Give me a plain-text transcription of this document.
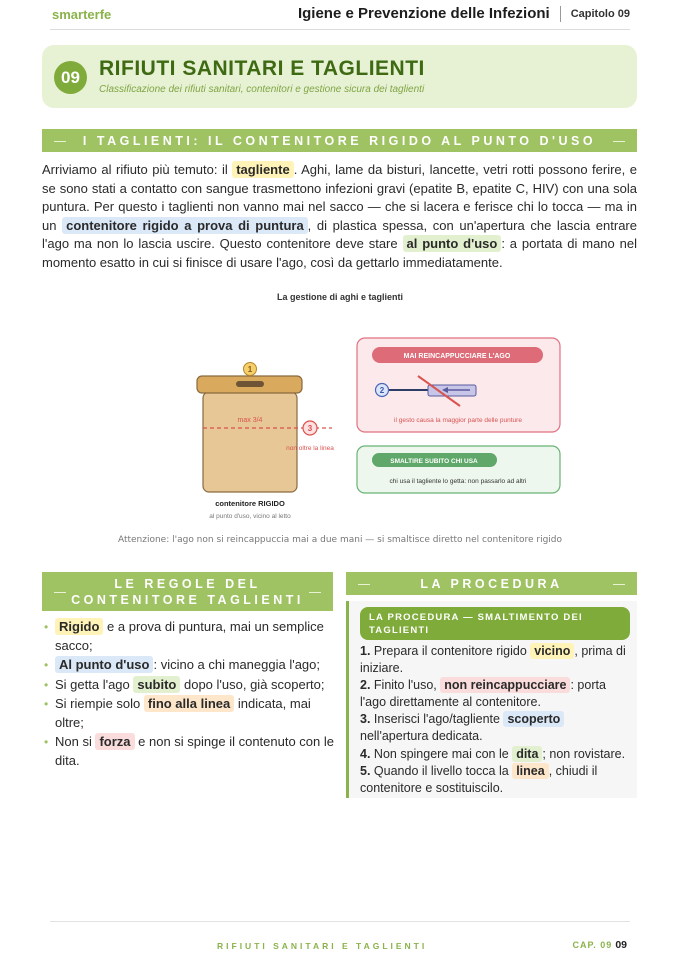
smarterfe	Igiene e Prevenzione delle Infezioni Capitolo 09
09 RIFIUTI SANITARI E TAGLIENTI
Classificazione dei rifiuti sanitari, contenitori e gestione sicura dei taglienti
I TAGLIENTI: IL CONTENITORE RIGIDO AL PUNTO D'USO

Arriviamo al rifiuto più temuto: il tagliente . Aghi, lame da bisturi, lancette, vetri rotti possono ferire, e se sono stati a contatto con sangue trasmettono infezioni gravi (epatite B, epatite C, HIV) con una sola puntura. Per questo i taglienti non vanno mai nel sacco — che si lacera e ferisce chi lo tocca — ma in un contenitore rigido a prova di puntura , di plastica spessa, con un'apertura che lascia entrare l'ago ma non lo lascia uscire. Questo contenitore deve stare al punto d'uso : a portata di mano nel momento esatto in cui si finisce di usare l'ago, così da gettarlo immediatamente.

La gestione di aghi e taglienti
max 3/4
non oltre la linea
1
3
contenitore RIGIDO
al punto d'uso, vicino al letto
MAI REINCAPPUCCIARE L'AGO
2
il gesto causa la maggior parte delle punture
SMALTIRE SUBITO CHI USA
chi usa il tagliente lo getta: non passarlo ad altri
Attenzione: l'ago non si reincappuccia mai a due mani — si smaltisce diretto nel contenitore rigido
LE REGOLE DEL CONTENITORE TAGLIENTI
• Rigido e a prova di puntura, mai un semplice sacco;
• Al punto d'uso : vicino a chi maneggia l'ago;
• Si getta l'ago subito dopo l'uso, già scoperto;
• Si riempie solo fino alla linea indicata, mai oltre;
• Non si forza e non si spinge il contenuto con le dita.
LA PROCEDURA
LA PROCEDURA — SMALTIMENTO DEI TAGLIENTI
1. Prepara il contenitore rigido vicino , prima di iniziare.
2. Finito l'uso, non reincappucciare : porta l'ago direttamente al contenitore.
3. Inserisci l'ago/tagliente scoperto nell'apertura dedicata.
4. Non spingere mai con le dita ; non rovistare.
5. Quando il livello tocca la linea , chiudi il contenitore e sostituiscilo.
RIFIUTI SANITARI E TAGLIENTI	CAP. 09 09
